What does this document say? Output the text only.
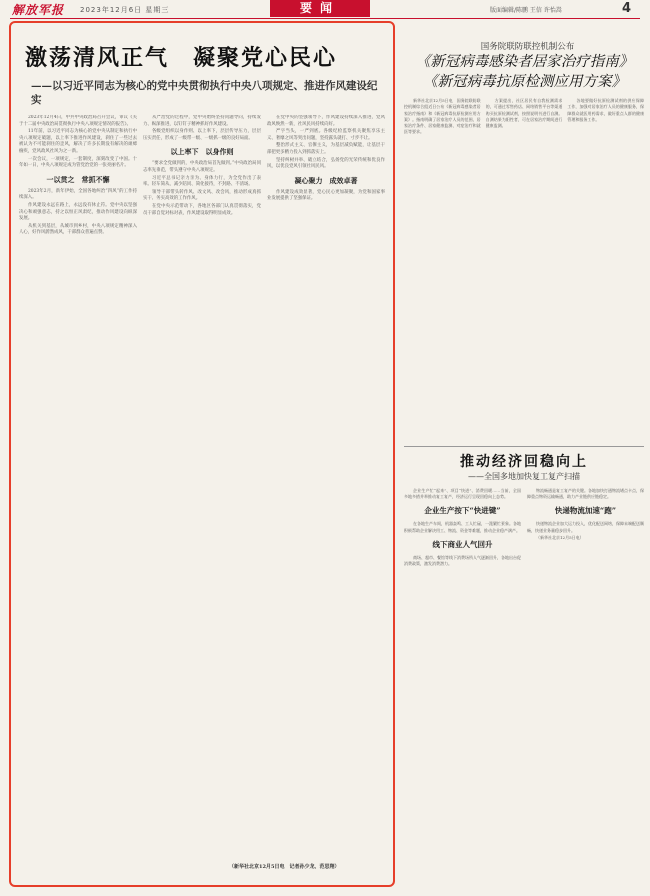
解放军报 2023年12月6日 星期三	要闻	版面编辑/陈鹏 王信 许怡嵩	4
激荡清风正气　凝聚党心民心
——以习近平同志为核心的党中央贯彻执行中央八项规定、推进作风建设纪实

2023年12月4日，中共中央政治局召开会议，审议《关于十二届中央政治局贯彻执行中央八项规定情况的报告》。

11年前，以习近平同志为核心的党中央从制定和执行中央八项规定破题，以上率下推进作风建设，刹住了一些过去被认为不可能刹住的歪风，解决了许多长期没有解决的顽瘴痼疾，党风政风社风为之一新。

一次会议，一项规定，一套制度，深刻改变了中国。十年如一日，中央八项规定成为管党治党的一张亮丽名片。

一以贯之　常抓不懈

2023年2月，新年伊始，全国各地纠治“四风”的工作持续深入。

作风建设永远在路上，永远没有休止符。党中央以坚强决心和顽强意志，持之以恒正风肃纪，推动作风建设向纵深发展。

从机关到基层，从城市到乡村，中央八项规定精神深入人心，好作风蔚然成风，干部群众普遍点赞。

从严治党的过程中，党中央始终坚持问题导向，持续发力、纵深推进，以钉钉子精神抓好作风建设。

各级党组织以身作则、以上率下，层层传导压力，层层压实责任，形成了一级带一级、一级抓一级的良好局面。

以上率下　以身作则

“要求全党做到的，中央政治局首先做到。”中央政治局同志率先垂范，带头遵守中央八项规定。

习近平总书记亲力亲为、身体力行，为全党作出了表率。轻车简从、减少陪同、简化接待，不封路、不清场。

领导干部带头转作风、改文风、改会风，推动形成真抓实干、务实高效的工作作风。

在党中央示范带动下，各地区各部门认真贯彻落实，党员干部自觉对标对表，作风建设取得明显成效。

在党中央的坚强领导下，作风建设持续深入推进，党风政风焕然一新，社风民风持续向好。

严字当头，一严到底。各级纪检监察机关聚焦享乐主义、奢靡之风等突出问题，坚持露头就打、寸步不让。

整治形式主义、官僚主义，为基层减负赋能，让基层干部把更多精力投入到抓落实上。

坚持纠树并举、破立结合，弘扬党的光荣传统和优良作风，以优良党风引领社风民风。

凝心聚力　成效卓著

作风建设成效显著，党心民心更加凝聚，为党和国家事业发展提供了坚强保证。

（新华社北京12月5日电　记者孙少龙、范思翔）
国务院联防联控机制公布
《新冠病毒感染者居家治疗指南》
《新冠病毒抗原检测应用方案》

新华社北京12月5日电　国务院联防联控机制综合组近日公布《新冠病毒感染者居家治疗指南》和《新冠病毒抗原检测应用方案》。指南明确了居家治疗人员的范围、居家治疗条件、居家健康监测、对症治疗和就医等要求。

方案提出，社区居民有自我检测需求的，可通过零售药店、网络销售平台等渠道购买抗原检测试剂，按照说明书进行自测。自测结果为阳性者，可在居家治疗期间进行健康监测。

各地要做好抗原检测试剂的供应保障工作，加强对居家治疗人员的健康服务，保障群众就医用药需求，做好重点人群的健康管理和服务工作。

推动经济回稳向上
——全国多地加快复工复产扫描

企业生产忙“起来”、项目“快进”、消费回暖……当前，全国多地多措并举推动复工复产，经济运行呈现回稳向上态势。

企业生产按下“快进键”

在各地生产车间，机器轰鸣、工人忙碌，一派繁忙景象。各地积极帮助企业解决用工、物流、资金等难题，推动企业稳产满产。

线下商业人气回升

商场、超市、餐馆等线下消费场所人气逐渐回升，各地出台促消费政策，激发消费潜力。

物流畅通是复工复产的关键。各地加快打通物流堵点卡点，保障重点物资运输畅通，助力产业链供应链稳定。

快递物流加速“跑”

快递物流企业加大运力投入，优化配送网络，保障末端配送顺畅，快递业务量稳步回升。

（新华社北京12月5日电）
